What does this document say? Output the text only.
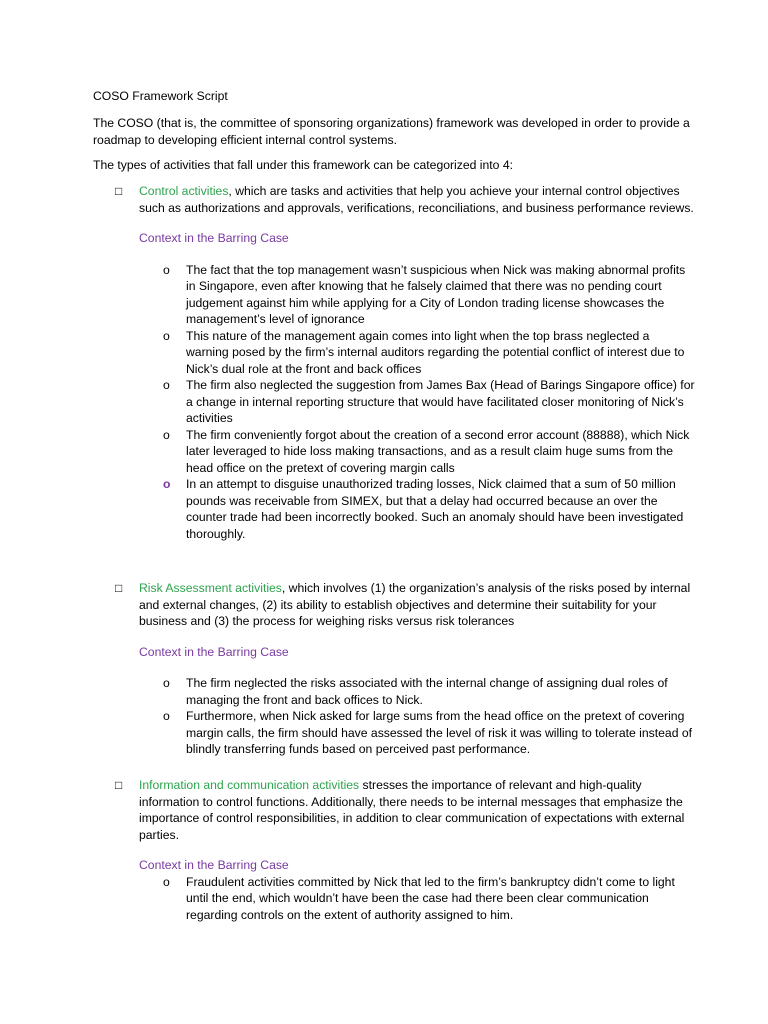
COSO Framework Script
The COSO (that is, the committee of sponsoring organizations) framework was developed in order to provide a roadmap to developing efficient internal control systems.
The types of activities that fall under this framework can be categorized into 4:
□ Control activities, which are tasks and activities that help you achieve your internal control objectives such as authorizations and approvals, verifications, reconciliations, and business performance reviews.
Context in the Barring Case
o The fact that the top management wasn’t suspicious when Nick was making abnormal profits in Singapore, even after knowing that he falsely claimed that there was no pending court judgement against him while applying for a City of London trading license showcases the management’s level of ignorance
o This nature of the management again comes into light when the top brass neglected a warning posed by the firm’s internal auditors regarding the potential conflict of interest due to Nick’s dual role at the front and back offices
o The firm also neglected the suggestion from James Bax (Head of Barings Singapore office) for a change in internal reporting structure that would have facilitated closer monitoring of Nick’s activities
o The firm conveniently forgot about the creation of a second error account (88888), which Nick later leveraged to hide loss making transactions, and as a result claim huge sums from the head office on the pretext of covering margin calls
o In an attempt to disguise unauthorized trading losses, Nick claimed that a sum of 50 million pounds was receivable from SIMEX, but that a delay had occurred because an over the counter trade had been incorrectly booked. Such an anomaly should have been investigated thoroughly.
□ Risk Assessment activities, which involves (1) the organization’s analysis of the risks posed by internal and external changes, (2) its ability to establish objectives and determine their suitability for your business and (3) the process for weighing risks versus risk tolerances
Context in the Barring Case
o The firm neglected the risks associated with the internal change of assigning dual roles of managing the front and back offices to Nick.
o Furthermore, when Nick asked for large sums from the head office on the pretext of covering margin calls, the firm should have assessed the level of risk it was willing to tolerate instead of blindly transferring funds based on perceived past performance.
□ Information and communication activities stresses the importance of relevant and high-quality information to control functions. Additionally, there needs to be internal messages that emphasize the importance of control responsibilities, in addition to clear communication of expectations with external parties.
Context in the Barring Case
o Fraudulent activities committed by Nick that led to the firm’s bankruptcy didn’t come to light until the end, which wouldn’t have been the case had there been clear communication regarding controls on the extent of authority assigned to him.
